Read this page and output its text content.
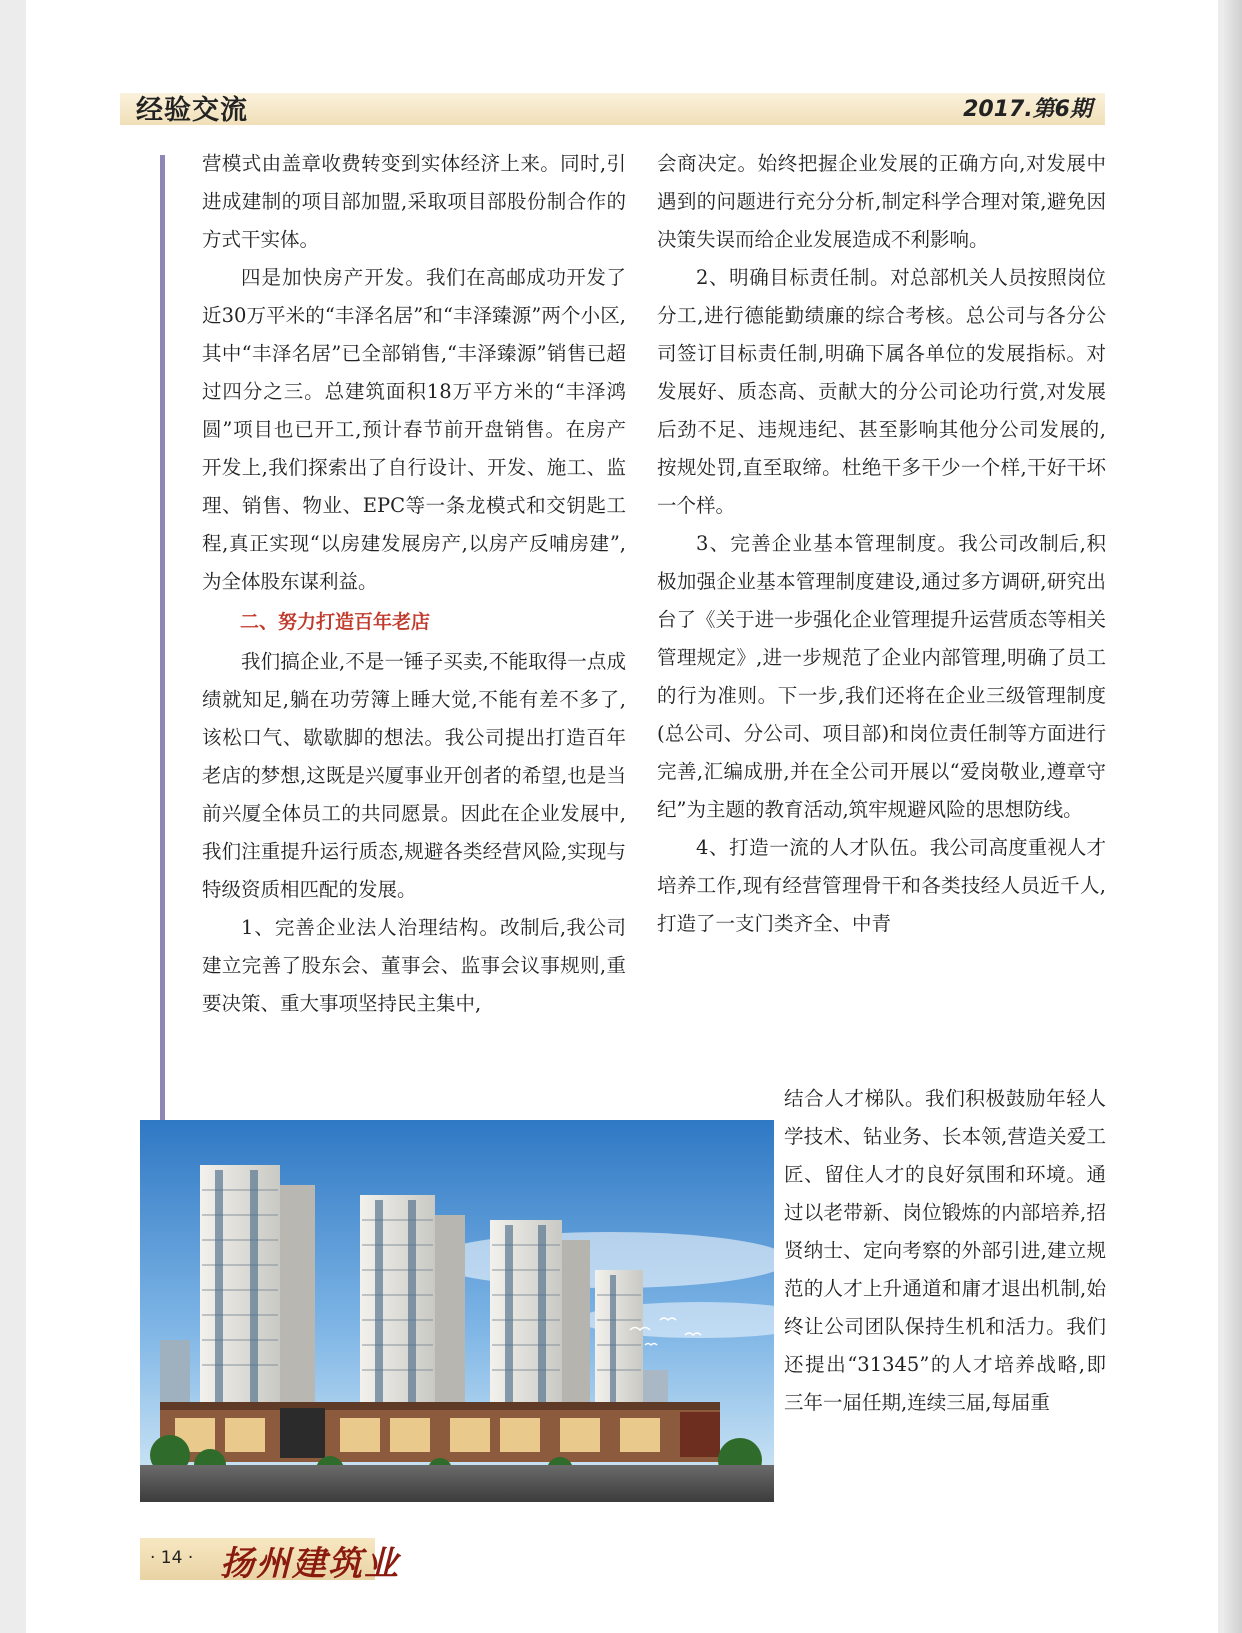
经验交流	2017.第6期

营模式由盖章收费转变到实体经济上来。同时,引进成建制的项目部加盟,采取项目部股份制合作的方式干实体。

四是加快房产开发。我们在高邮成功开发了近30万平米的“丰泽名居”和“丰泽臻源”两个小区,其中“丰泽名居”已全部销售,“丰泽臻源”销售已超过四分之三。总建筑面积18万平方米的“丰泽鸿圆”项目也已开工,预计春节前开盘销售。在房产开发上,我们探索出了自行设计、开发、施工、监理、销售、物业、EPC等一条龙模式和交钥匙工程,真正实现“以房建发展房产,以房产反哺房建”,为全体股东谋利益。

二、努力打造百年老店

我们搞企业,不是一锤子买卖,不能取得一点成绩就知足,躺在功劳簿上睡大觉,不能有差不多了,该松口气、歇歇脚的想法。我公司提出打造百年老店的梦想,这既是兴厦事业开创者的希望,也是当前兴厦全体员工的共同愿景。因此在企业发展中,我们注重提升运行质态,规避各类经营风险,实现与特级资质相匹配的发展。

1、完善企业法人治理结构。改制后,我公司建立完善了股东会、董事会、监事会议事规则,重要决策、重大事项坚持民主集中,

会商决定。始终把握企业发展的正确方向,对发展中遇到的问题进行充分分析,制定科学合理对策,避免因决策失误而给企业发展造成不利影响。

2、明确目标责任制。对总部机关人员按照岗位分工,进行德能勤绩廉的综合考核。总公司与各分公司签订目标责任制,明确下属各单位的发展指标。对发展好、质态高、贡献大的分公司论功行赏,对发展后劲不足、违规违纪、甚至影响其他分公司发展的,按规处罚,直至取缔。杜绝干多干少一个样,干好干坏一个样。

3、完善企业基本管理制度。我公司改制后,积极加强企业基本管理制度建设,通过多方调研,研究出台了《关于进一步强化企业管理提升运营质态等相关管理规定》,进一步规范了企业内部管理,明确了员工的行为准则。下一步,我们还将在企业三级管理制度(总公司、分公司、项目部)和岗位责任制等方面进行完善,汇编成册,并在全公司开展以“爱岗敬业,遵章守纪”为主题的教育活动,筑牢规避风险的思想防线。

4、打造一流的人才队伍。我公司高度重视人才培养工作,现有经营管理骨干和各类技经人员近千人,打造了一支门类齐全、中青

结合人才梯队。我们积极鼓励年轻人学技术、钻业务、长本领,营造关爱工匠、留住人才的良好氛围和环境。通过以老带新、岗位锻炼的内部培养,招贤纳士、定向考察的外部引进,建立规范的人才上升通道和庸才退出机制,始终让公司团队保持生机和活力。我们还提出“31345”的人才培养战略,即三年一届任期,连续三届,每届重

· 14 · 扬州建筑业
